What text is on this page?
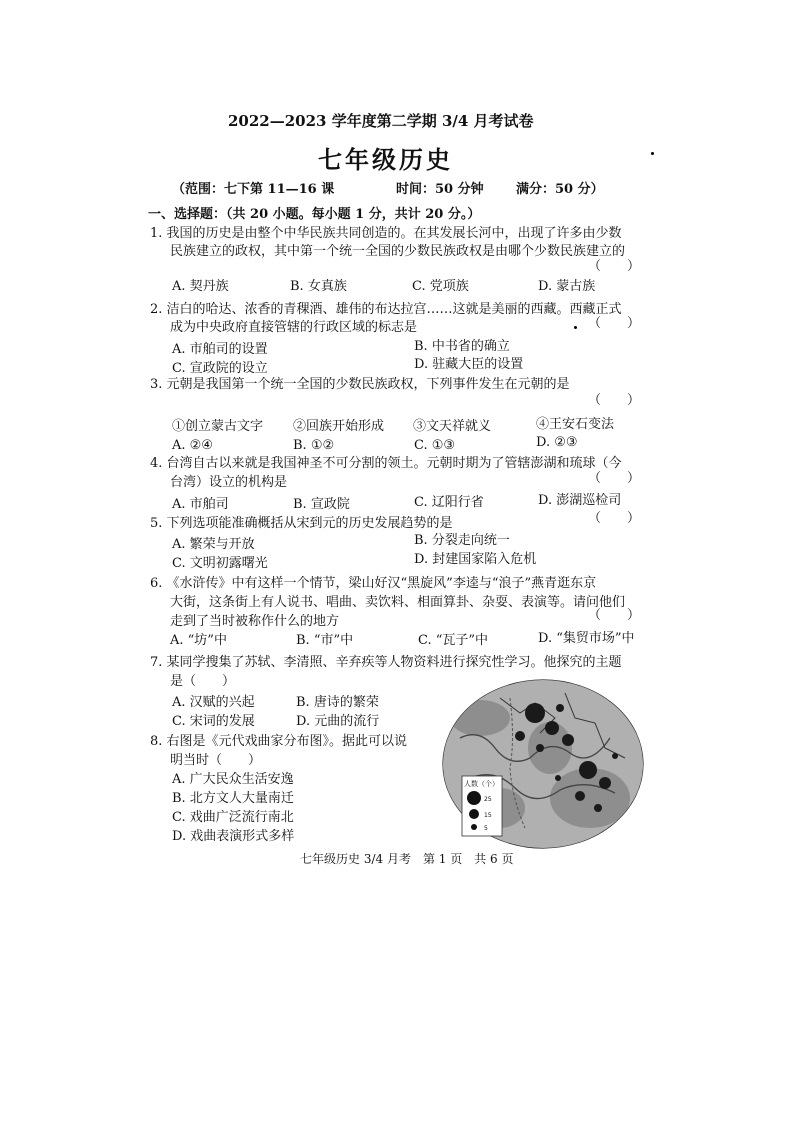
2022—2023 学年度第二学期 3/4 月考试卷
七年级历史
（范围：七下第 11—16 课	时间：50 分钟 满分：50 分）
一、选择题：（共 20 小题。每小题 1 分，共计 20 分。）
1. 我国的历史是由整个中华民族共同创造的。在其发展长河中，出现了许多由少数
民族建立的政权，其中第一个统一全国的少数民族政权是由哪个少数民族建立的
（　　）
A. 契丹族	B. 女真族	C. 党项族	D. 蒙古族
2. 洁白的哈达、浓香的青稞酒、雄伟的布达拉宫……这就是美丽的西藏。西藏正式
成为中央政府直接管辖的行政区域的标志是	（　　）
A. 市舶司的设置	B. 中书省的确立
C. 宣政院的设立	D. 驻藏大臣的设置
3. 元朝是我国第一个统一全国的少数民族政权，下列事件发生在元朝的是
（　　）
①创立蒙古文字 ②回族开始形成 ③文天祥就义	④王安石变法
A. ②④	B. ①②	C. ①③	D. ②③
4. 台湾自古以来就是我国神圣不可分割的领土。元朝时期为了管辖澎湖和琉球（今
台湾）设立的机构是	（　　）
A. 市舶司	B. 宣政院	C. 辽阳行省	D. 澎湖巡检司
5. 下列选项能准确概括从宋到元的历史发展趋势的是	（　　）
A. 繁荣与开放	B. 分裂走向统一
C. 文明初露曙光	D. 封建国家陷入危机
6. 《水浒传》中有这样一个情节，梁山好汉“黑旋风”李逵与“浪子”燕青逛东京
大街，这条街上有人说书、唱曲、卖饮料、相面算卦、杂耍、表演等。请问他们
走到了当时被称作什么的地方	（　　）
A. “坊”中	B. “市”中	C. “瓦子”中	D. “集贸市场”中
7. 某同学搜集了苏轼、李清照、辛弃疾等人物资料进行探究性学习。他探究的主题
是（　　）
A. 汉赋的兴起	B. 唐诗的繁荣
C. 宋词的发展	D. 元曲的流行
8. 右图是《元代戏曲家分布图》。据此可以说
明当时（　　）
A. 广大民众生活安逸
B. 北方文人大量南迁
C. 戏曲广泛流行南北
D. 戏曲表演形式多样
人数（个）
25
15
5
七年级历史 3/4 月考　第 1 页　共 6 页
